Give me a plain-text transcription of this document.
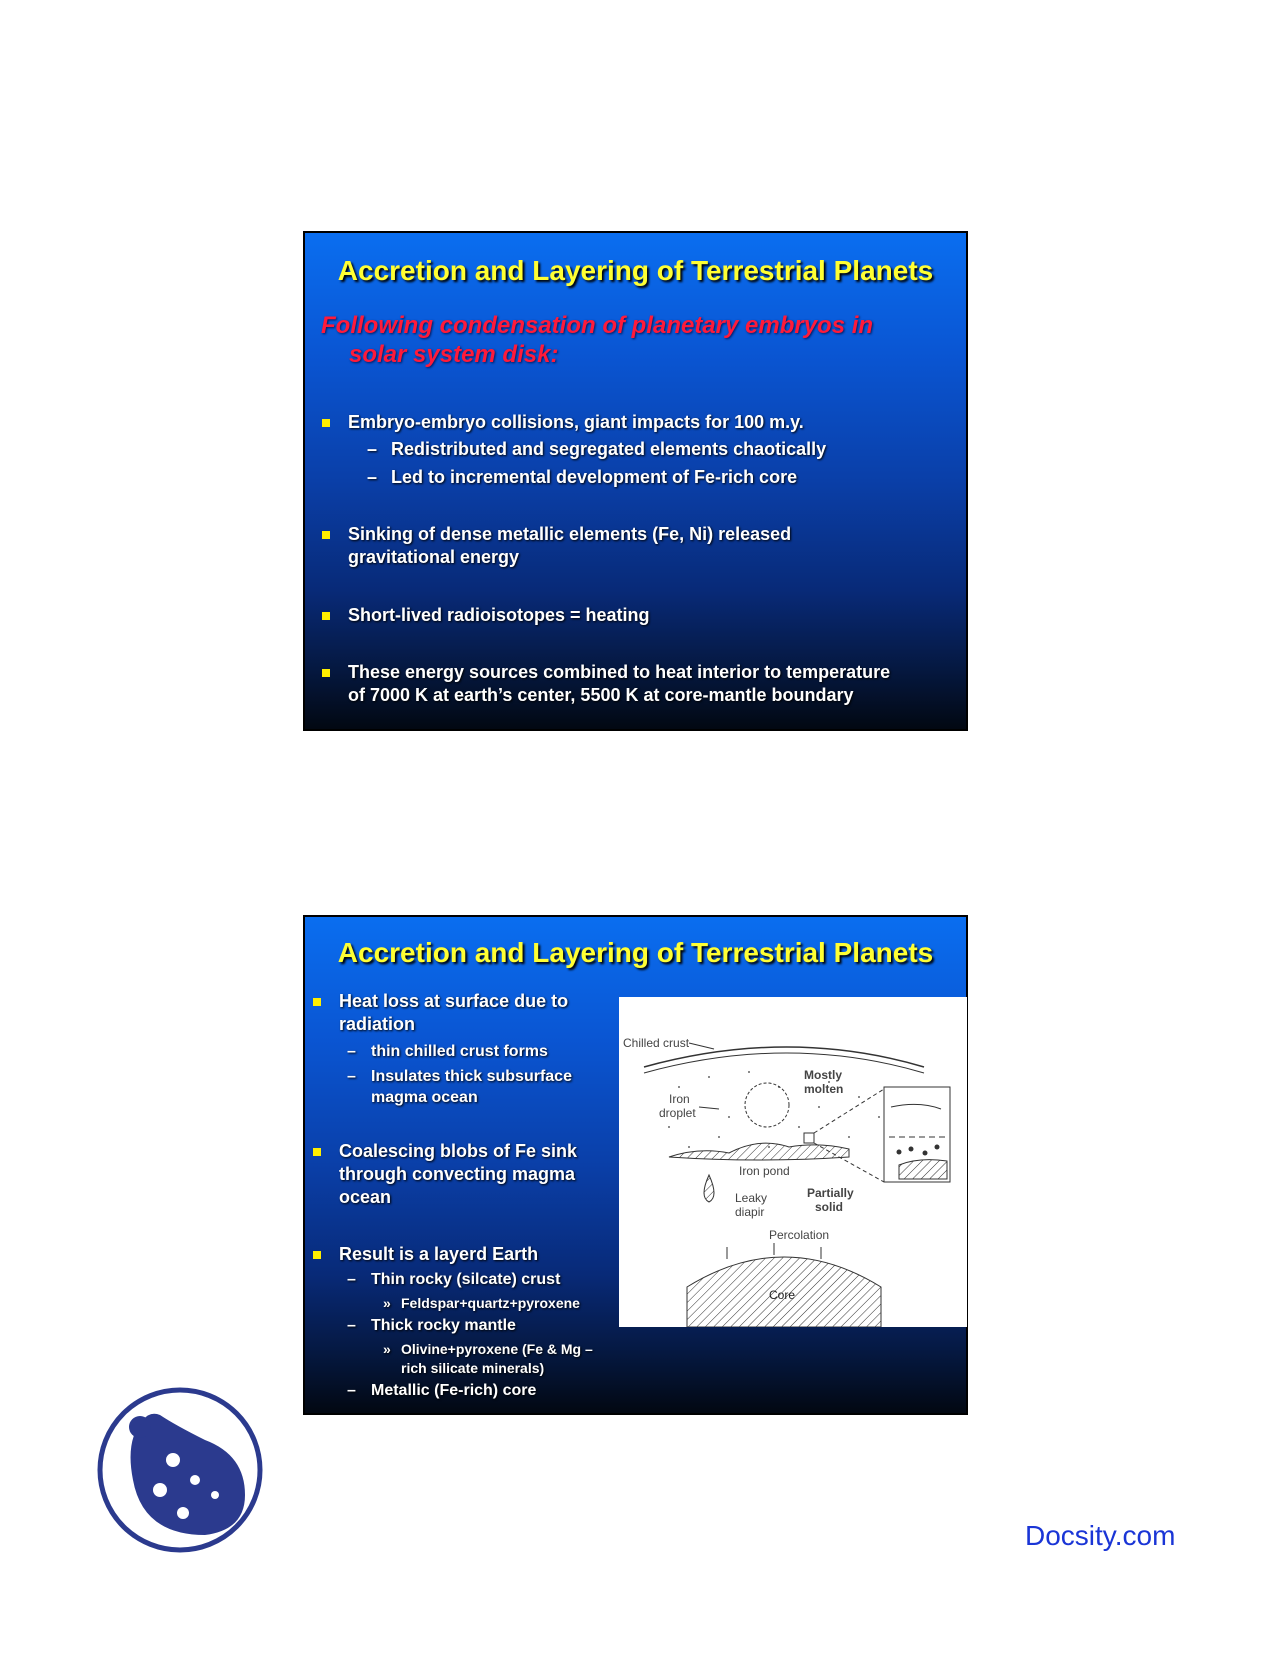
Accretion and Layering of Terrestrial Planets
Following condensation of planetary embryos in
solar system disk:
Embryo-embryo collisions, giant impacts for 100 m.y.
– Redistributed and segregated elements chaotically
– Led to incremental development of Fe-rich core
Sinking of dense metallic elements (Fe, Ni) released
gravitational energy
Short-lived radioisotopes = heating
These energy sources combined to heat interior to temperature
of 7000 K at earth’s center, 5500 K at core-mantle boundary
Accretion and Layering of Terrestrial Planets
Heat loss at surface due to
radiation
– thin chilled crust forms
– Insulates thick subsurface
magma ocean
Coalescing blobs of Fe sink
through convecting magma
ocean
Result is a layerd Earth
– Thin rocky (silcate) crust
» Feldspar+quartz+pyroxene
– Thick rocky mantle
» Olivine+pyroxene (Fe & Mg –
rich silicate minerals)
– Metallic (Fe-rich) core
Chilled crust
Mostly
molten
Iron
droplet
Iron pond
Leaky
diapir
Partially
solid
Percolation
Core
Docsity.com
